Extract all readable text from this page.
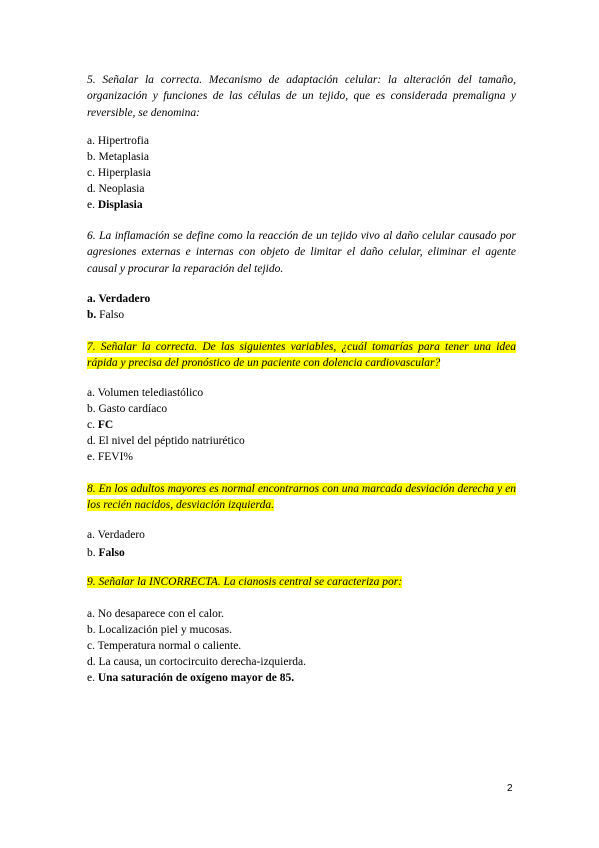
5. Señalar la correcta. Mecanismo de adaptación celular: la alteración del tamaño, organización y funciones de las células de un tejido, que es considerada premaligna y reversible, se denomina:

a. Hipertrofia
b. Metaplasia
c. Hiperplasia
d. Neoplasia
e. Displasia

6. La inflamación se define como la reacción de un tejido vivo al daño celular causado por agresiones externas e internas con objeto de limitar el daño celular, eliminar el agente causal y procurar la reparación del tejido.

a. Verdadero
b. Falso

7. Señalar la correcta. De las siguientes variables, ¿cuál tomarías para tener una idea rápida y precisa del pronóstico de un paciente con dolencia cardiovascular?

a. Volumen telediastólico
b. Gasto cardíaco
c. FC
d. El nivel del péptido natriurético
e. FEVI%

8. En los adultos mayores es normal encontrarnos con una marcada desviación derecha y en los recién nacidos, desviación izquierda.

a. Verdadero
b. Falso

9. Señalar la INCORRECTA. La cianosis central se caracteriza por:

a. No desaparece con el calor.
b. Localización piel y mucosas.
c. Temperatura normal o caliente.
d. La causa, un cortocircuito derecha-izquierda.
e. Una saturación de oxígeno mayor de 85.
2
